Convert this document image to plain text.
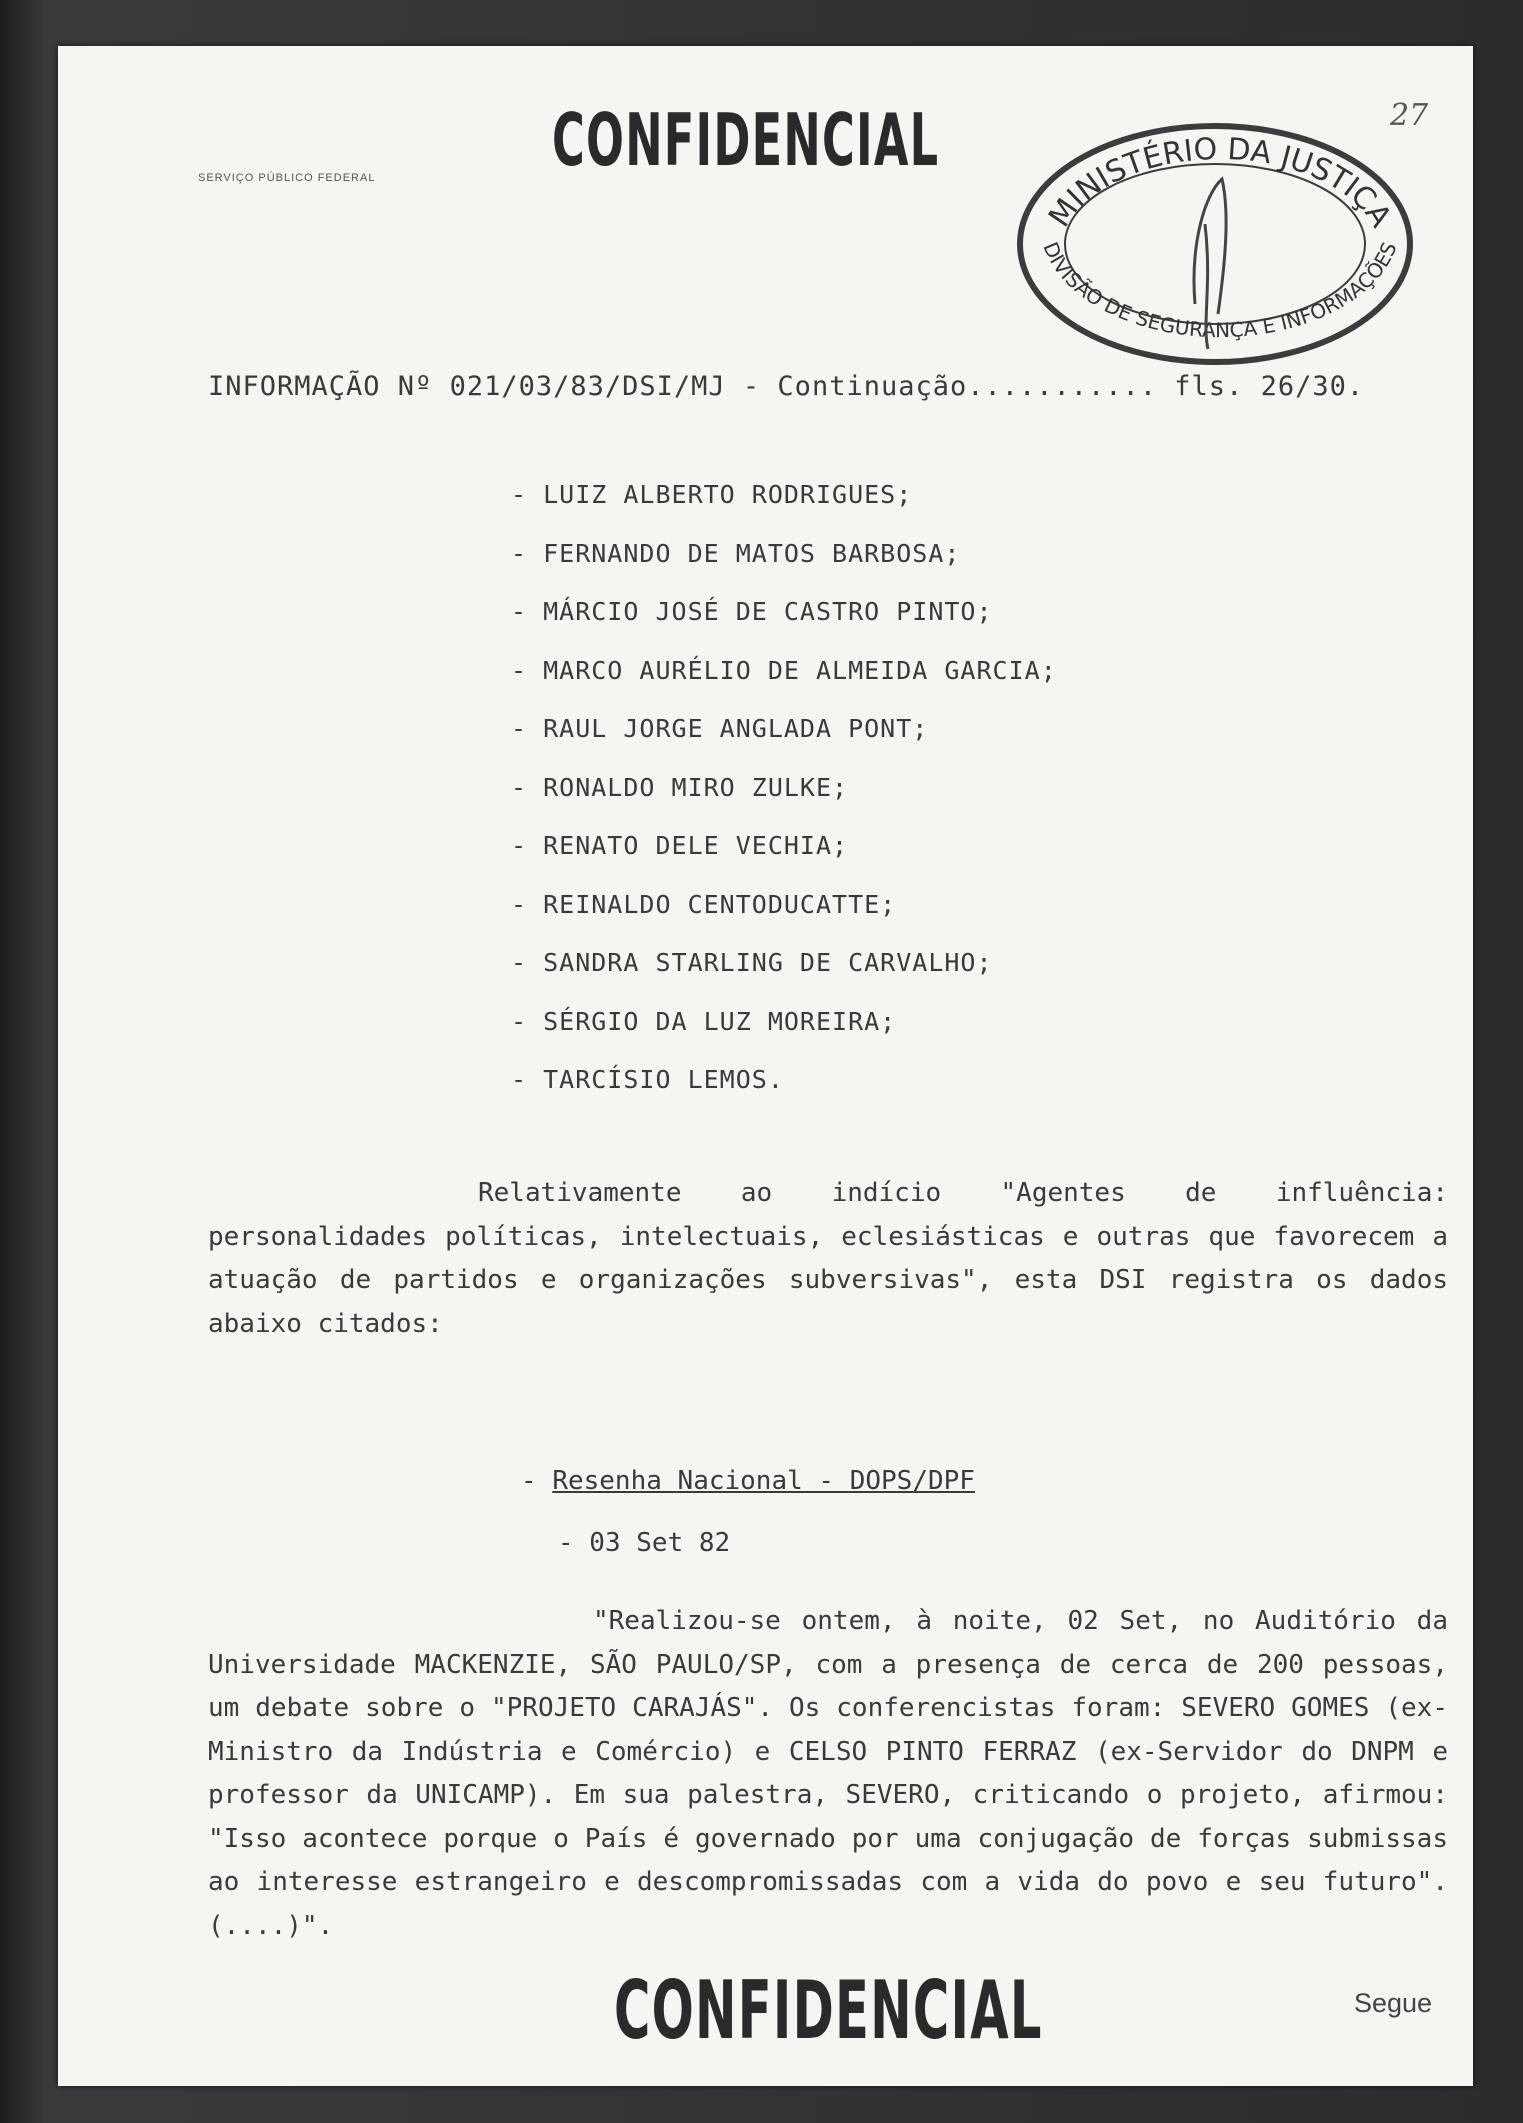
SERVIÇO PÚBLICO FEDERAL CONFIDENCIAL	27
MINISTÉRIO DA JUSTIÇA
DIVISÃO DE SEGURANÇA E INFORMAÇÕES
INFORMAÇÃO Nº 021/03/83/DSI/MJ - Continuação........... fls. 26/30.
- LUIZ ALBERTO RODRIGUES;
- FERNANDO DE MATOS BARBOSA;
- MÁRCIO JOSÉ DE CASTRO PINTO;
- MARCO AURÉLIO DE ALMEIDA GARCIA;
- RAUL JORGE ANGLADA PONT;
- RONALDO MIRO ZULKE;
- RENATO DELE VECHIA;
- REINALDO CENTODUCATTE;
- SANDRA STARLING DE CARVALHO;
- SÉRGIO DA LUZ MOREIRA;
- TARCÍSIO LEMOS.
Relativamente ao indício "Agentes de influência: personalidades políticas, intelectuais, eclesiásticas e outras que favorecem a atuação de partidos e organizações subversivas", esta DSI registra os dados abaixo citados:
- Resenha Nacional - DOPS/DPF
- 03 Set 82
"Realizou-se ontem, à noite, 02 Set, no Auditório da Universidade MACKENZIE, SÃO PAULO/SP, com a presença de cerca de 200 pessoas, um debate sobre o "PROJETO CARAJÁS". Os conferencistas foram: SEVERO GOMES (ex-Ministro da Indústria e Comércio) e CELSO PINTO FERRAZ (ex-Servidor do DNPM e professor da UNICAMP). Em sua palestra, SEVERO, criticando o projeto, afirmou: "Isso acontece porque o País é governado por uma conjugação de forças submissas ao interesse estrangeiro e descompromissadas com a vida do povo e seu futuro". (....)".
Segue
CONFIDENCIAL
